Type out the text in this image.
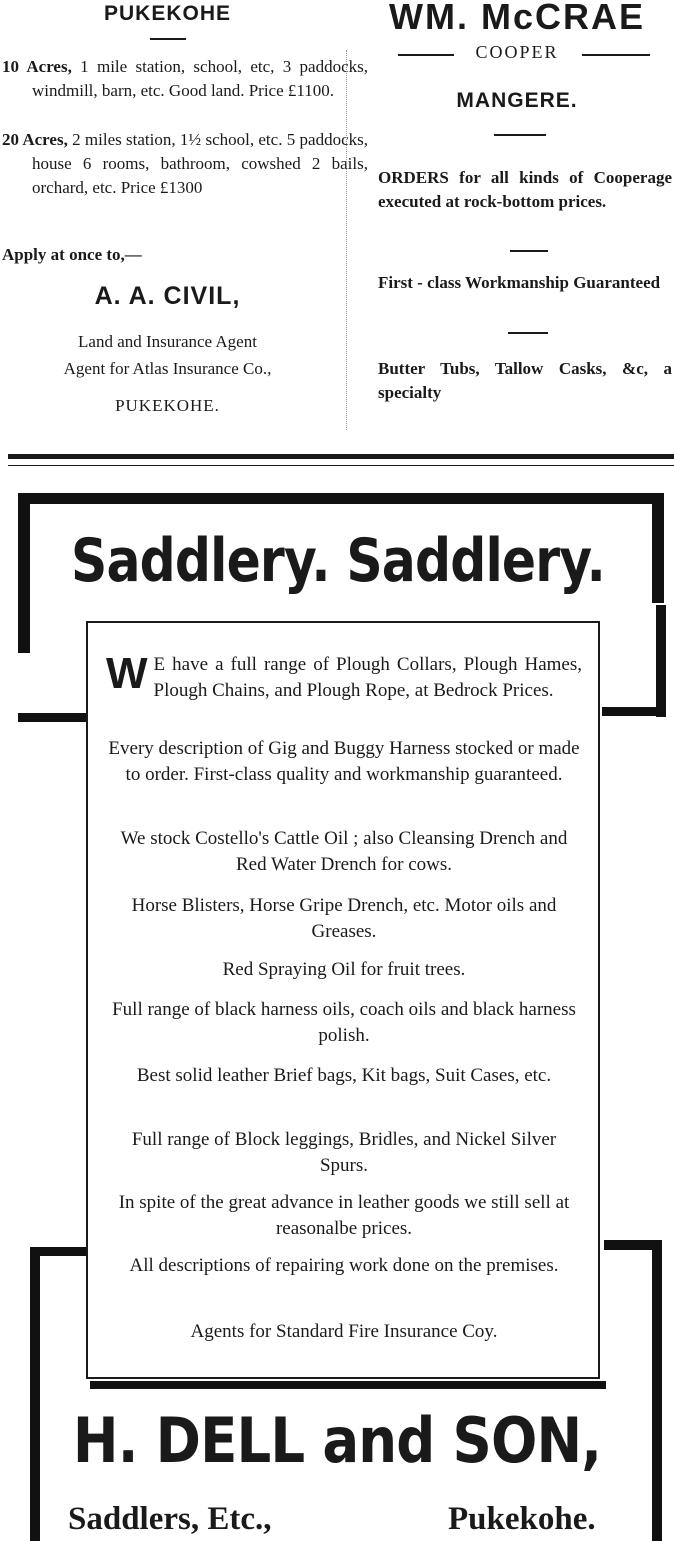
PUKEKOHE
10 Acres, 1 mile station, school, etc, 3 paddocks, windmill, barn, etc. Good land. Price £1100.
20 Acres, 2 miles station, 1½ school, etc. 5 paddocks, house 6 rooms, bathroom, cowshed 2 bails, orchard, etc. Price £1300
Apply at once to,—
A. A. CIVIL,
Land and Insurance Agent
Agent for Atlas Insurance Co.,
PUKEKOHE.
WM. McCRAE
COOPER
MANGERE.
ORDERS for all kinds of Cooperage executed at rock-bottom prices.
First - class Workmanship Guaranteed
Butter Tubs, Tallow Casks, &c, a specialty
Saddlery. Saddlery.
W E have a full range of Plough Collars, Plough Hames, Plough Chains, and Plough Rope, at Bedrock Prices.
Every description of Gig and Buggy Harness stocked or made to order. First-class quality and workmanship guaranteed.
We stock Costello's Cattle Oil ; also Cleansing Drench and Red Water Drench for cows.
Horse Blisters, Horse Gripe Drench, etc. Motor oils and Greases.
Red Spraying Oil for fruit trees.
Full range of black harness oils, coach oils and black harness polish.
Best solid leather Brief bags, Kit bags, Suit Cases, etc.
Full range of Block leggings, Bridles, and Nickel Silver Spurs.
In spite of the great advance in leather goods we still sell at reasonalbe prices.
All descriptions of repairing work done on the premises.
Agents for Standard Fire Insurance Coy.
H. DELL and SON,
Saddlers, Etc.,	Pukekohe.
